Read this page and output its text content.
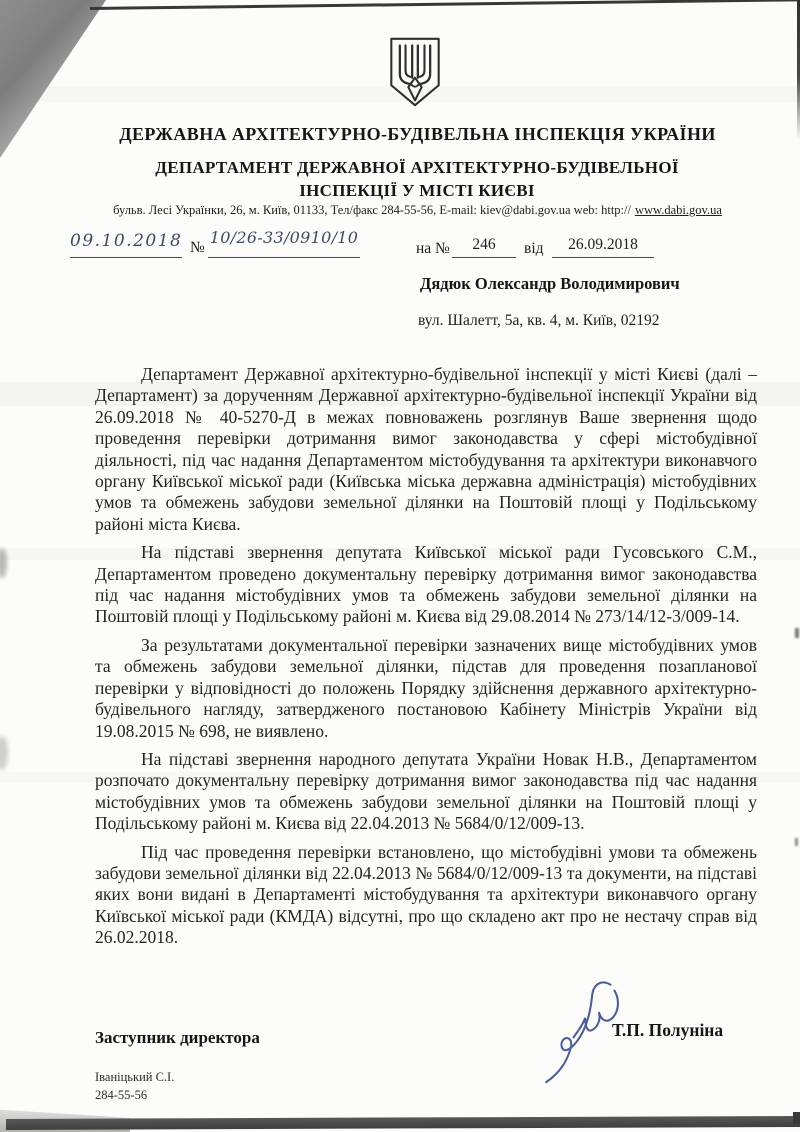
ДЕРЖАВНА АРХІТЕКТУРНО-БУДІВЕЛЬНА ІНСПЕКЦІЯ УКРАЇНИ
ДЕПАРТАМЕНТ ДЕРЖАВНОЇ АРХІТЕКТУРНО-БУДІВЕЛЬНОЇ ІНСПЕКЦІЇ У МІСТІ КИЄВІ
бульв. Лесі Українки, 26, м. Київ, 01133, Тел/факс 284-55-56, E-mail: kiev@dabi.gov.ua web: http:// www.dabi.gov.ua
09.10.2018 №
10/26-33/0910/10
на №	246	від	26.09.2018
Дядюк Олександр Володимирович
вул. Шалетт, 5а, кв. 4, м. Київ, 02192

Департамент Державної архітектурно-будівельної інспекції у місті Києві (далі – Департамент) за дорученням Державної архітектурно-будівельної інспекції України від 26.09.2018 № 40-5270-Д в межах повноважень розглянув Ваше звернення щодо проведення перевірки дотримання вимог законодавства у сфері містобудівної діяльності, під час надання Департаментом містобудування та архітектури виконавчого органу Київської міської ради (Київська міська державна адміністрація) містобудівних умов та обмежень забудови земельної ділянки на Поштовій площі у Подільському районі міста Києва.

На підставі звернення депутата Київської міської ради Гусовського С.М., Департаментом проведено документальну перевірку дотримання вимог законодавства під час надання містобудівних умов та обмежень забудови земельної ділянки на Поштовій площі у Подільському районі м. Києва від 29.08.2014 № 273/14/12-3/009-14.

За результатами документальної перевірки зазначених вище містобудівних умов та обмежень забудови земельної ділянки, підстав для проведення позапланової перевірки у відповідності до положень Порядку здійснення державного архітектурно-будівельного нагляду, затвердженого постановою Кабінету Міністрів України від 19.08.2015 № 698, не виявлено.

На підставі звернення народного депутата України Новак Н.В., Департаментом розпочато документальну перевірку дотримання вимог законодавства під час надання містобудівних умов та обмежень забудови земельної ділянки на Поштовій площі у Подільському районі м. Києва від 22.04.2013 № 5684/0/12/009-13.

Під час проведення перевірки встановлено, що містобудівні умови та обмежень забудови земельної ділянки від 22.04.2013 № 5684/0/12/009-13 та документи, на підставі яких вони видані в Департаменті містобудування та архітектури виконавчого органу Київської міської ради (КМДА) відсутні, про що складено акт про не нестачу справ від 26.02.2018.

Заступник директора	Т.П. Полуніна
Іваніцький С.І.
284-55-56
